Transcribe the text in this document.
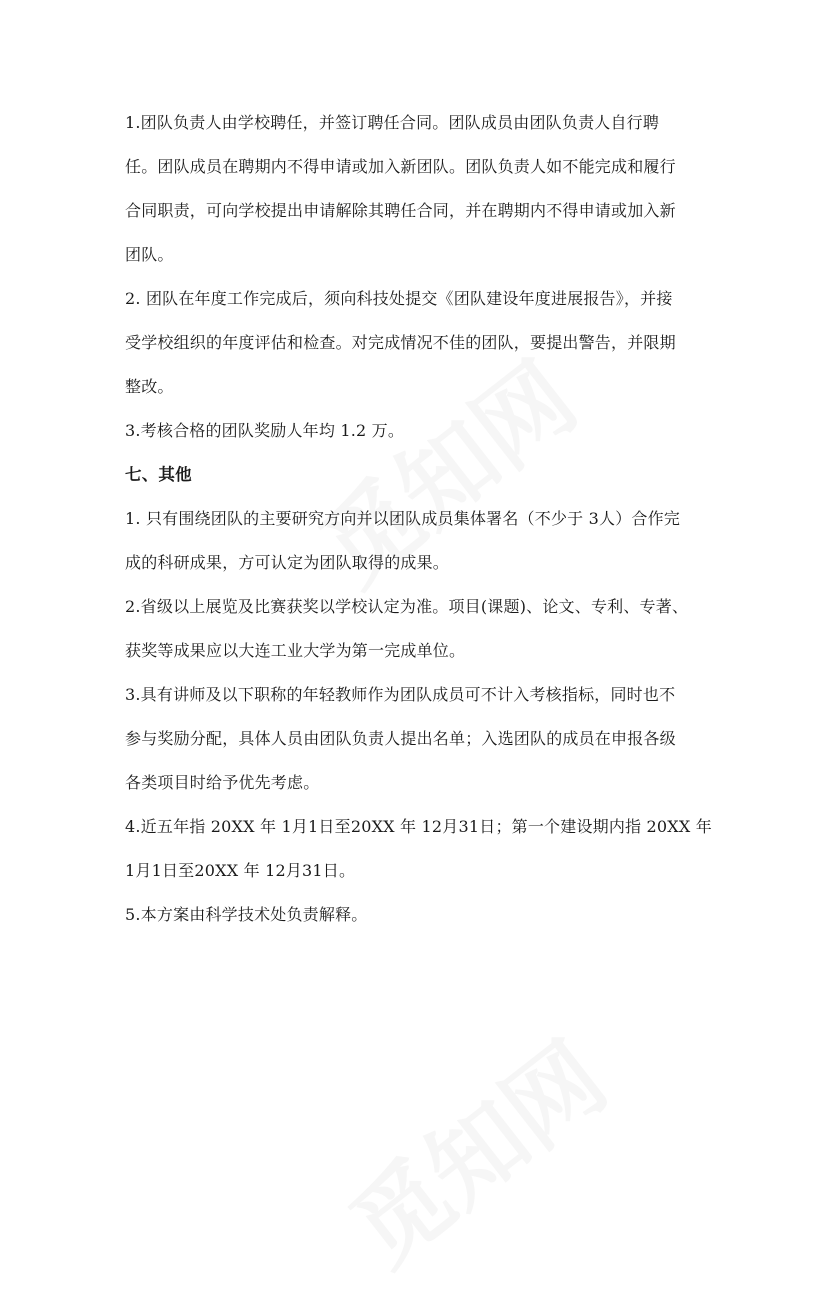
1.团队负责人由学校聘任，并签订聘任合同。团队成员由团队负责人自行聘
任。团队成员在聘期内不得申请或加入新团队。团队负责人如不能完成和履行
合同职责，可向学校提出申请解除其聘任合同，并在聘期内不得申请或加入新
团队。
2. 团队在年度工作完成后，须向科技处提交《团队建设年度进展报告》，并接
受学校组织的年度评估和检查。对完成情况不佳的团队，要提出警告，并限期
整改。
3.考核合格的团队奖励人年均 1.2 万。
七、其他
1. 只有围绕团队的主要研究方向并以团队成员集体署名（不少于 3人）合作完
成的科研成果，方可认定为团队取得的成果。
2.省级以上展览及比赛获奖以学校认定为准。项目(课题)、论文、专利、专著、
获奖等成果应以大连工业大学为第一完成单位。
3.具有讲师及以下职称的年轻教师作为团队成员可不计入考核指标，同时也不
参与奖励分配，具体人员由团队负责人提出名单；入选团队的成员在申报各级
各类项目时给予优先考虑。
4.近五年指 20XX 年 1月1日至20XX 年 12月31日；第一个建设期内指 20XX 年
1月1日至20XX 年 12月31日。
5.本方案由科学技术处负责解释。
